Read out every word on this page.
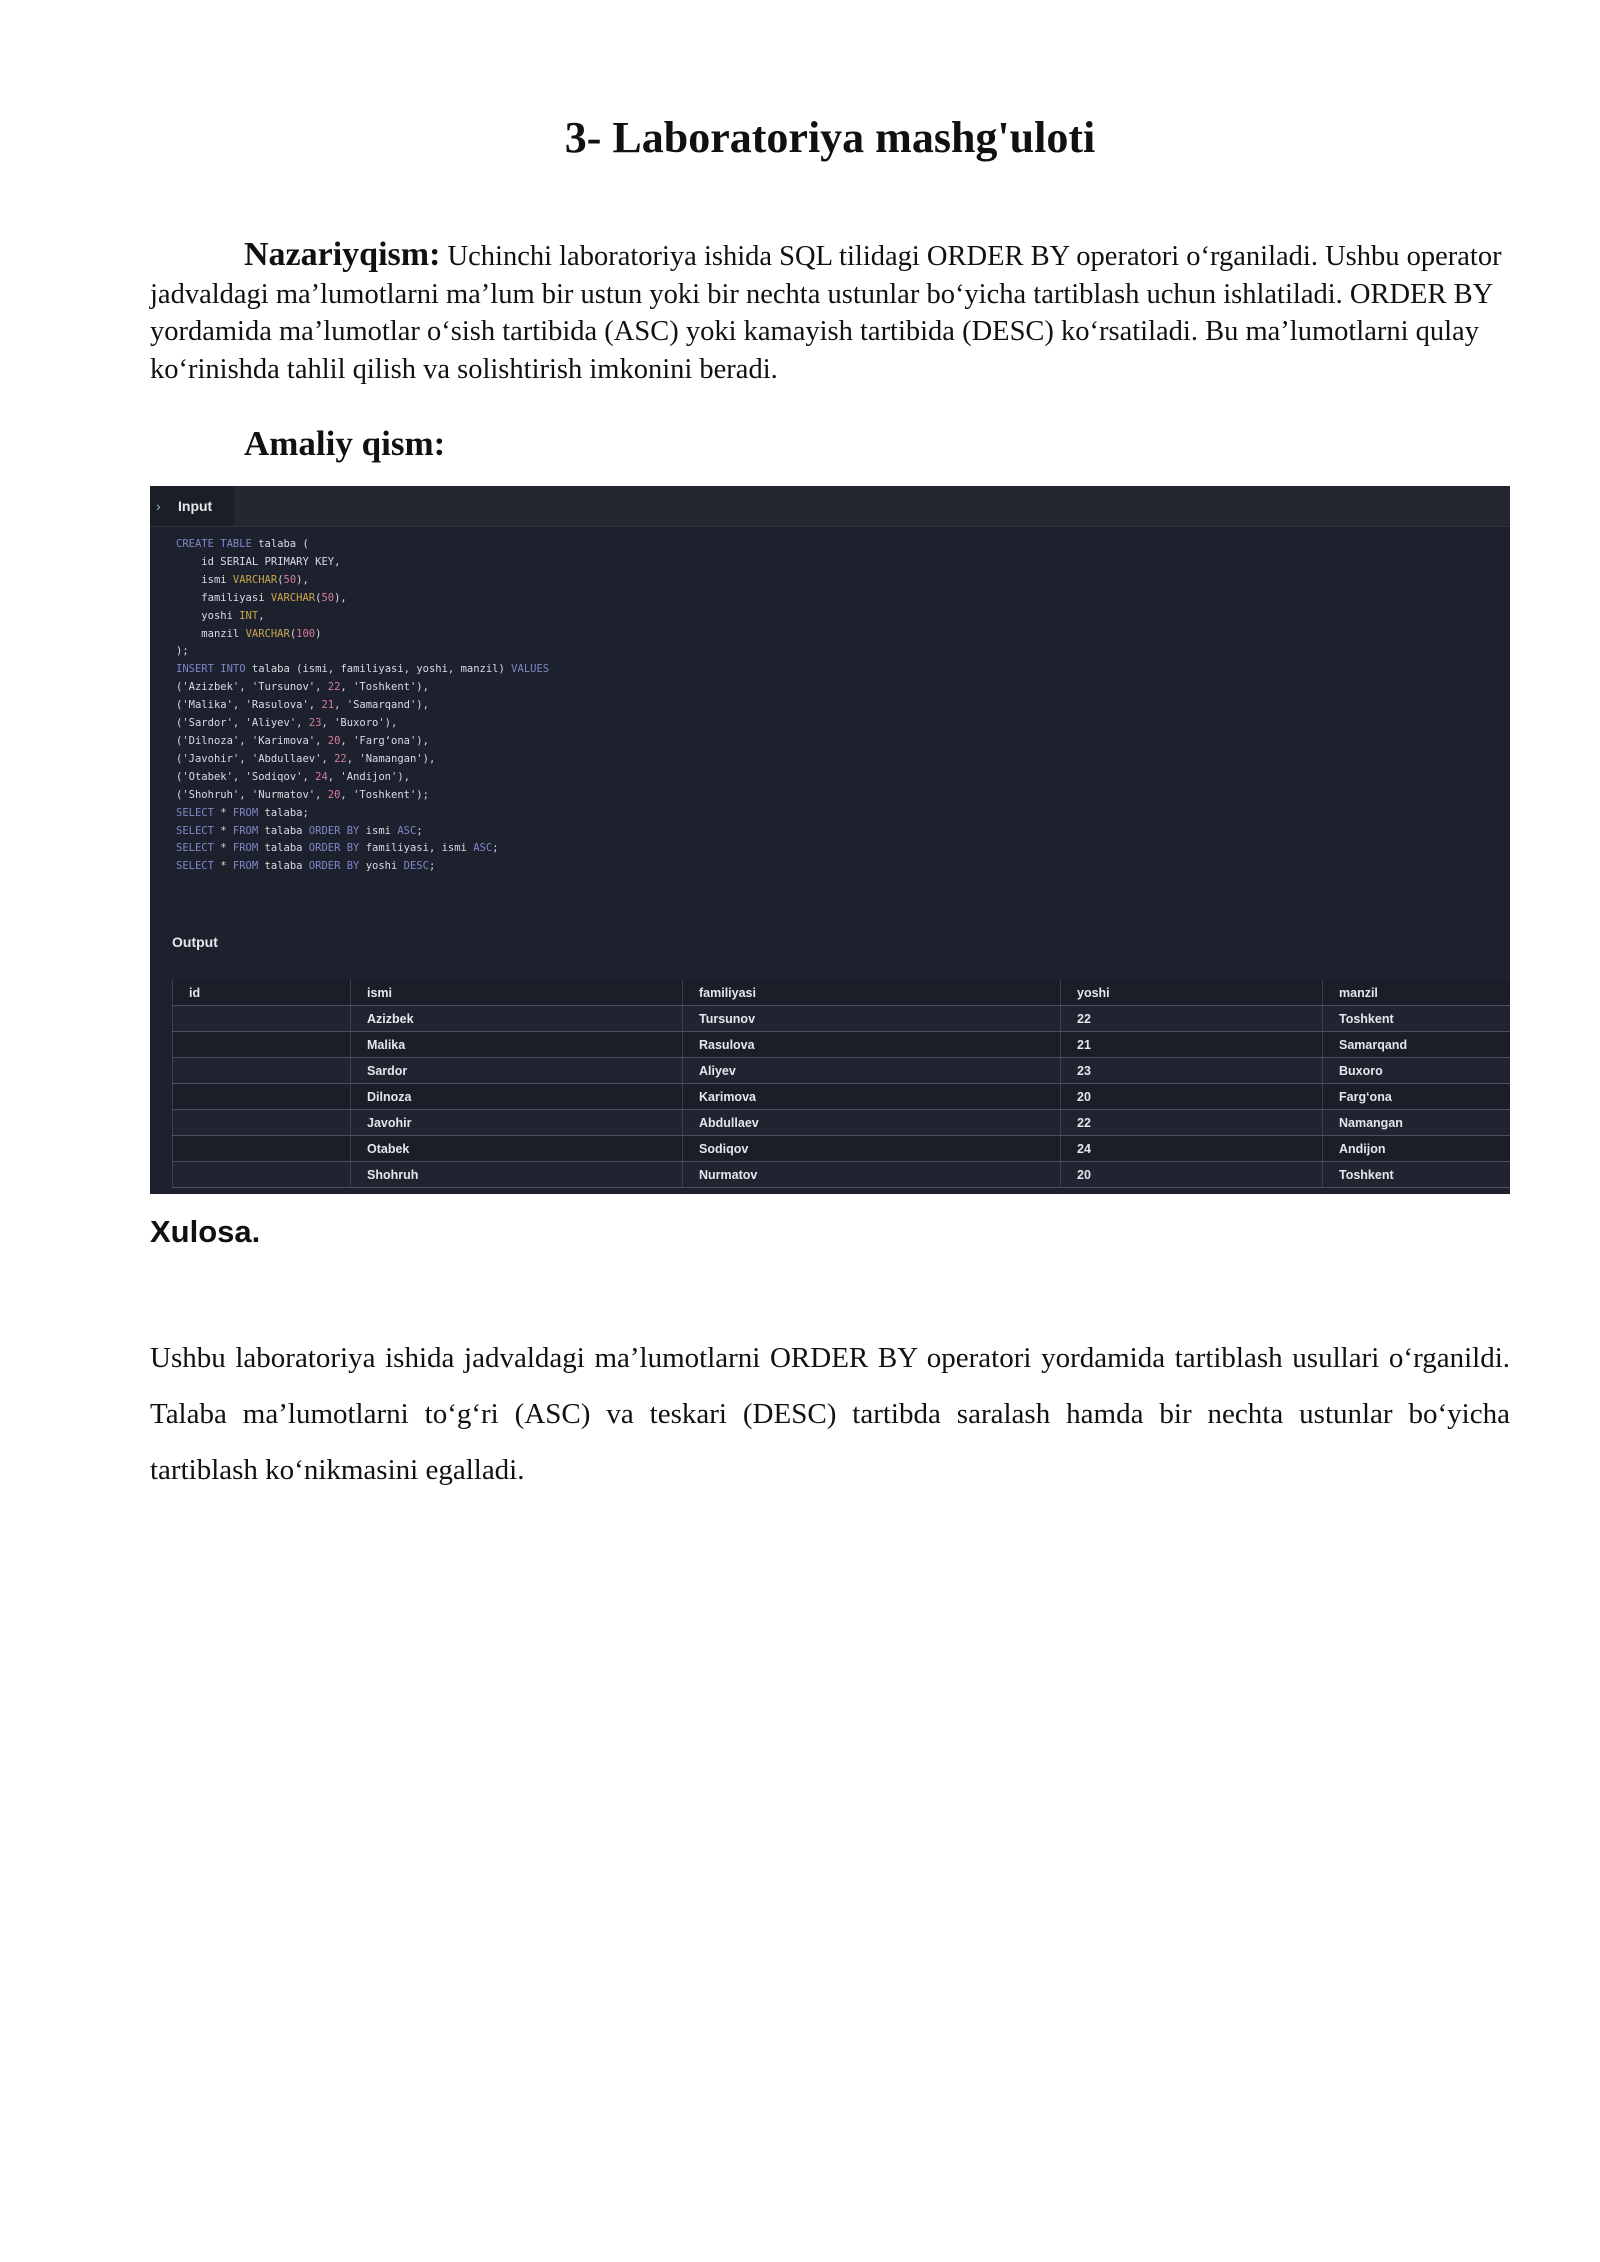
3- Laboratoriya mashg'uloti

Nazariyqism: Uchinchi laboratoriya ishida SQL tilidagi ORDER BY operatori o‘rganiladi. Ushbu operator jadvaldagi ma’lumotlarni ma’lum bir ustun yoki bir nechta ustunlar bo‘yicha tartiblash uchun ishlatiladi. ORDER BY yordamida ma’lumotlar o‘sish tartibida (ASC) yoki kamayish tartibida (DESC) ko‘rsatiladi. Bu ma’lumotlarni qulay ko‘rinishda tahlil qilish va solishtirish imkonini beradi.

Amaliy qism:
› Input
CREATE TABLE talaba (
id SERIAL PRIMARY KEY,
ismi VARCHAR(50),
familiyasi VARCHAR(50),
yoshi INT,
manzil VARCHAR(100)
);
INSERT INTO talaba (ismi, familiyasi, yoshi, manzil) VALUES
('Azizbek', 'Tursunov', 22, 'Toshkent'),
('Malika', 'Rasulova', 21, 'Samarqand'),
('Sardor', 'Aliyev', 23, 'Buxoro'),
('Dilnoza', 'Karimova', 20, 'Farg‘ona'),
('Javohir', 'Abdullaev', 22, 'Namangan'),
('Otabek', 'Sodiqov', 24, 'Andijon'),
('Shohruh', 'Nurmatov', 20, 'Toshkent');
SELECT * FROM talaba;
SELECT * FROM talaba ORDER BY ismi ASC;
SELECT * FROM talaba ORDER BY familiyasi, ismi ASC;
SELECT * FROM talaba ORDER BY yoshi DESC;

Output
id	ismi	familiyasi	yoshi	manzil
	Azizbek	Tursunov	22	Toshkent
	Malika	Rasulova	21	Samarqand
	Sardor	Aliyev	23	Buxoro
	Dilnoza	Karimova	20	Farg‘ona
	Javohir	Abdullaev	22	Namangan
	Otabek	Sodiqov	24	Andijon
	Shohruh	Nurmatov	20	Toshkent
Xulosa.

Ushbu laboratoriya ishida jadvaldagi ma’lumotlarni ORDER BY operatori yordamida tartiblash usullari o‘rganildi. Talaba ma’lumotlarni to‘g‘ri (ASC) va teskari (DESC) tartibda saralash hamda bir nechta ustunlar bo‘yicha tartiblash ko‘nikmasini egalladi.
